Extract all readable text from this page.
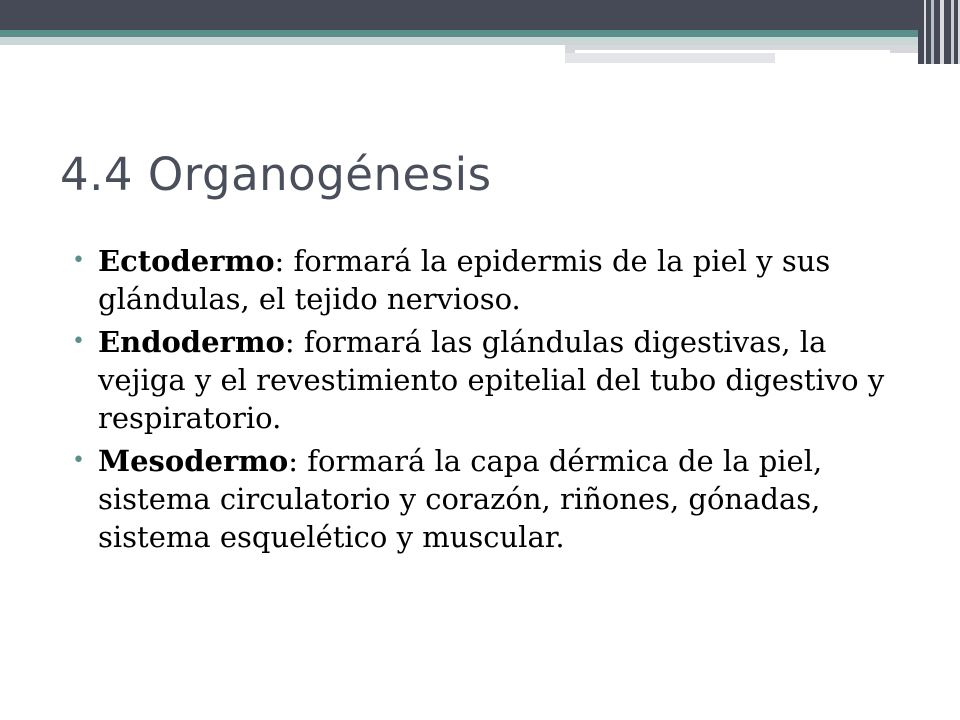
4.4 Organogénesis
• Ectodermo: formará la epidermis de la piel y sus glándulas, el tejido nervioso.
• Endodermo: formará las glándulas digestivas, la vejiga y el revestimiento epitelial del tubo digestivo y respiratorio.
• Mesodermo: formará la capa dérmica de la piel, sistema circulatorio y corazón, riñones, gónadas, sistema esquelético y muscular.
